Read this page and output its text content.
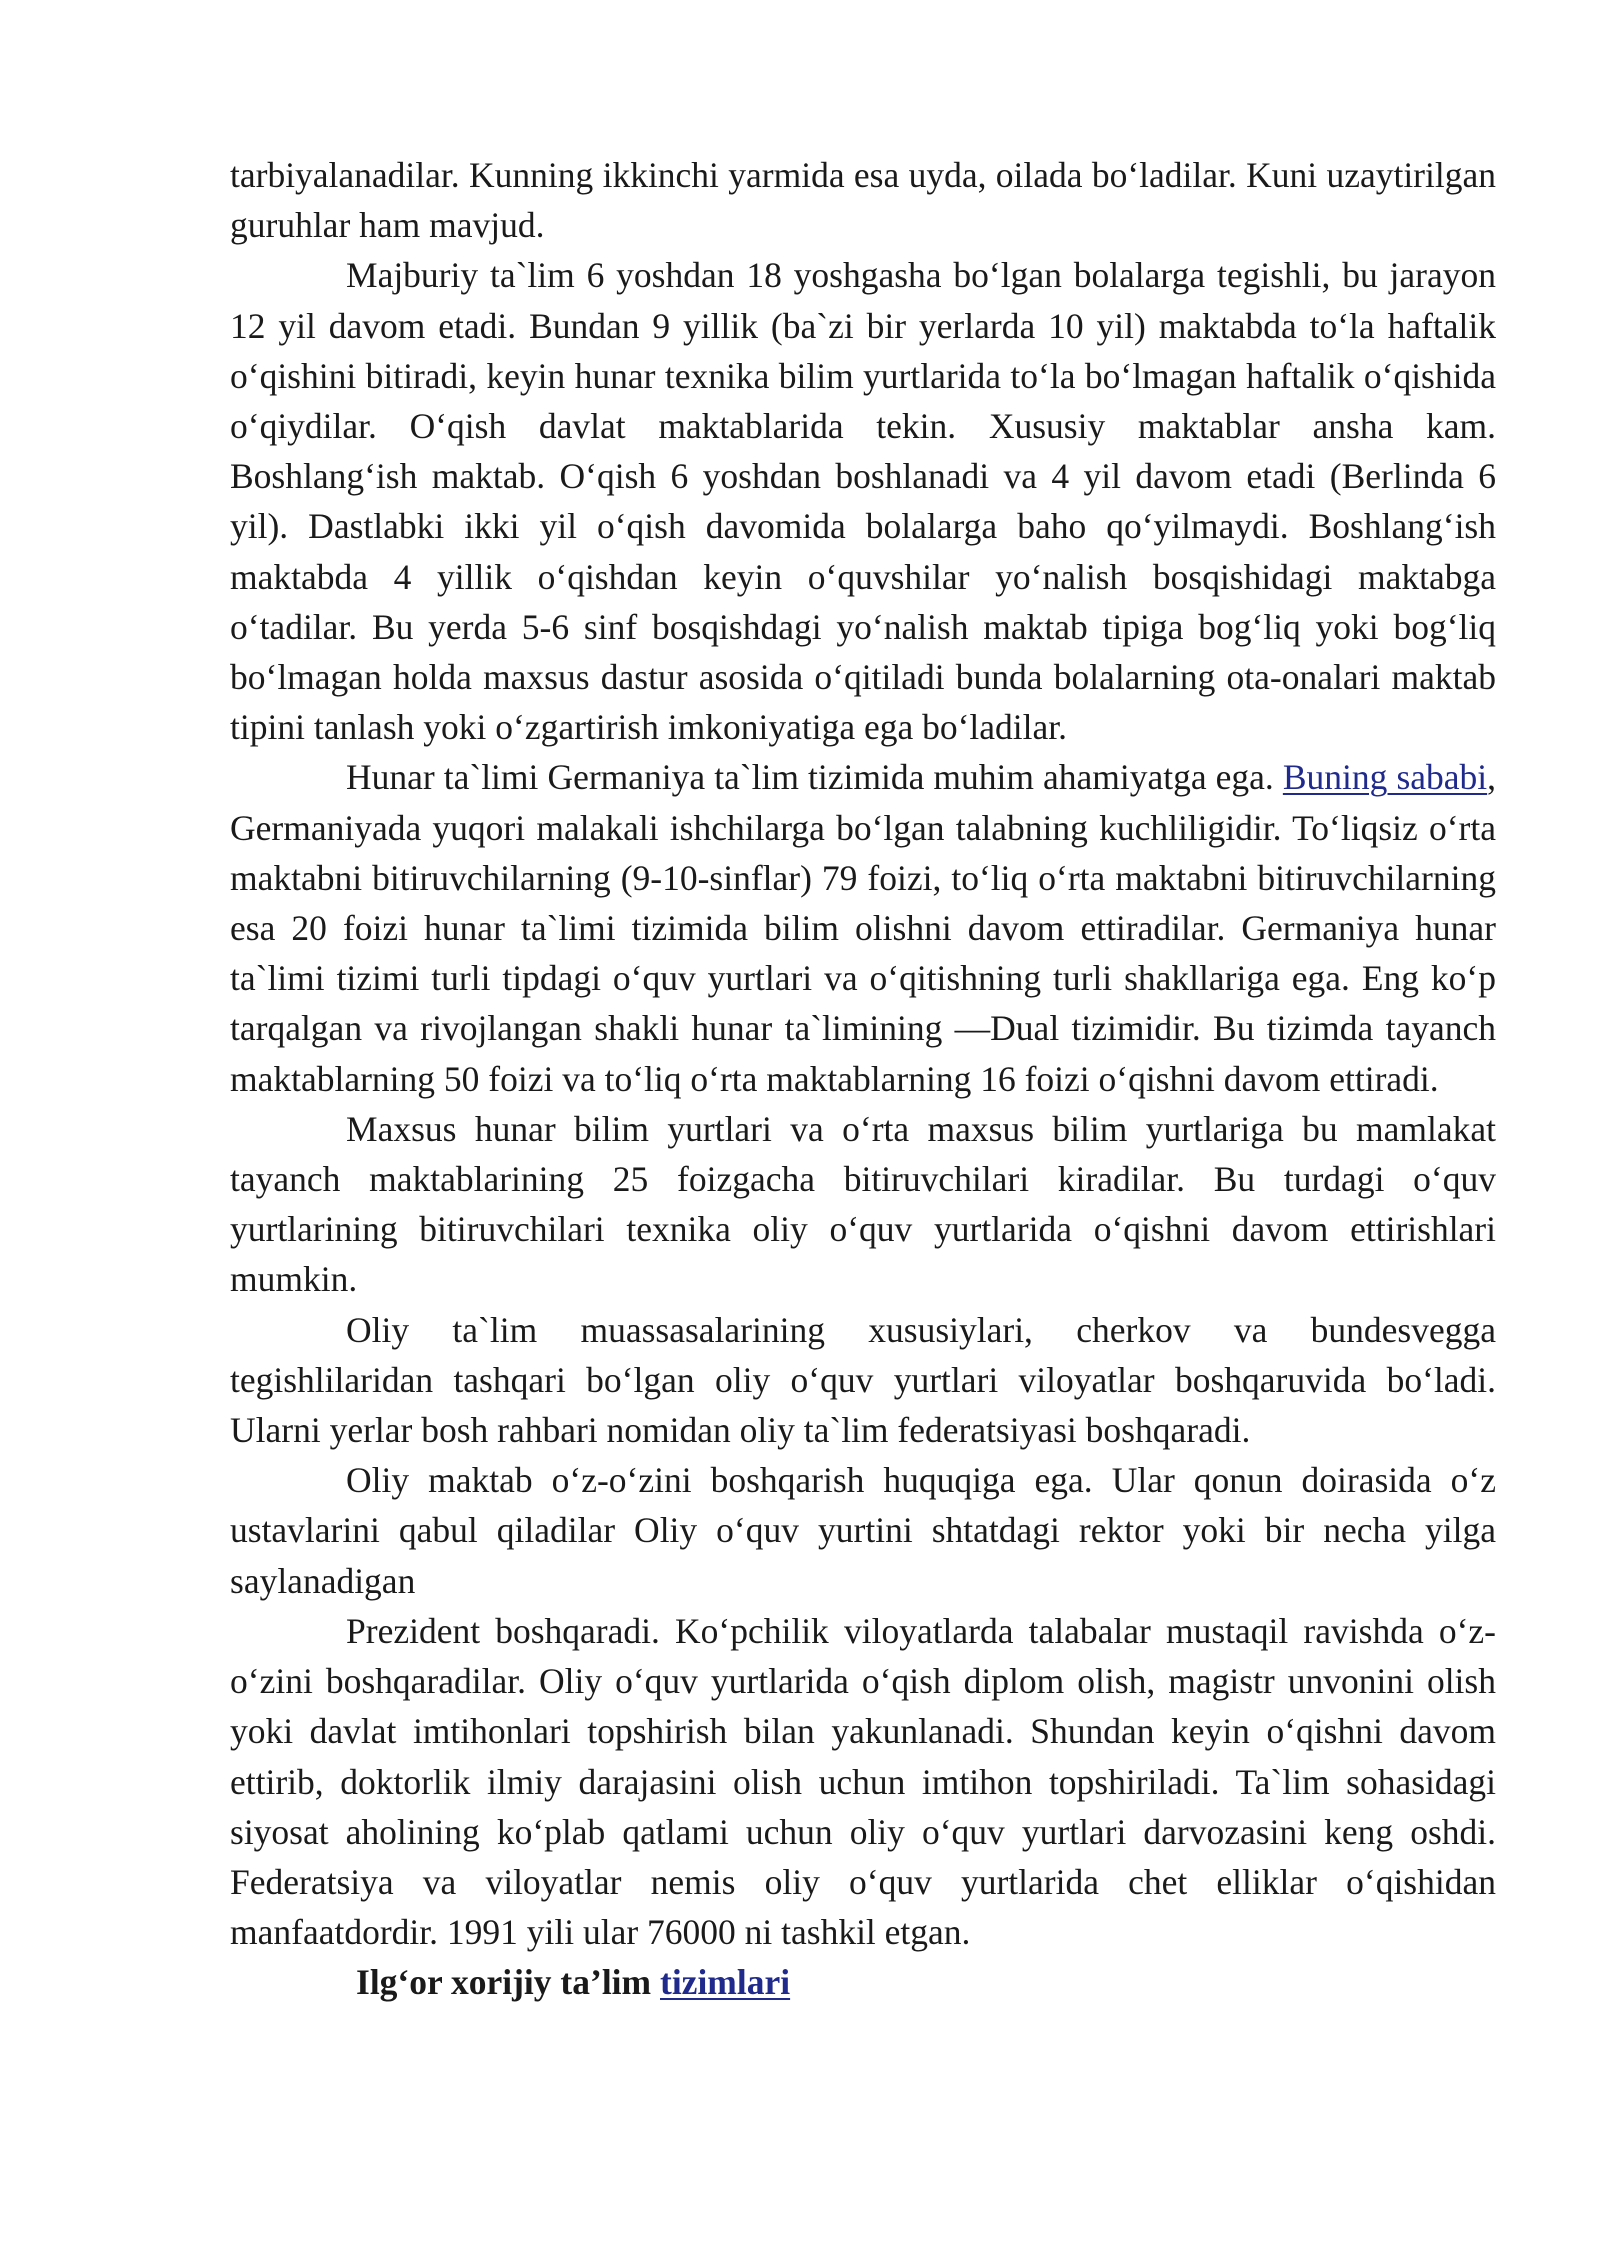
tarbiyalanadilar. Kunning ikkinchi yarmida esa uyda, oilada bo‘ladilar. Kuni uzaytirilgan guruhlar ham mavjud.

Majburiy ta`lim 6 yoshdan 18 yoshgasha bo‘lgan bolalarga tegishli, bu jarayon 12 yil davom etadi. Bundan 9 yillik (ba`zi bir yerlarda 10 yil) maktabda to‘la haftalik o‘qishini bitiradi, keyin hunar texnika bilim yurtlarida to‘la bo‘lmagan haftalik o‘qishida o‘qiydilar. O‘qish davlat maktablarida tekin. Xususiy maktablar ansha kam. Boshlang‘ish maktab. O‘qish 6 yoshdan boshlanadi va 4 yil davom etadi (Berlinda 6 yil). Dastlabki ikki yil o‘qish davomida bolalarga baho qo‘yilmaydi. Boshlang‘ish maktabda 4 yillik o‘qishdan keyin o‘quvshilar yo‘nalish bosqishidagi maktabga o‘tadilar. Bu yerda 5-6 sinf bosqishdagi yo‘nalish maktab tipiga bog‘liq yoki bog‘liq bo‘lmagan holda maxsus dastur asosida o‘qitiladi bunda bolalarning ota-onalari maktab tipini tanlash yoki o‘zgartirish imkoniyatiga ega bo‘ladilar.

Hunar ta`limi Germaniya ta`lim tizimida muhim ahamiyatga ega. Buning sababi, Germaniyada yuqori malakali ishchilarga bo‘lgan talabning kuchliligidir. To‘liqsiz o‘rta maktabni bitiruvchilarning (9-10-sinflar) 79 foizi, to‘liq o‘rta maktabni bitiruvchilarning esa 20 foizi hunar ta`limi tizimida bilim olishni davom ettiradilar. Germaniya hunar ta`limi tizimi turli tipdagi o‘quv yurtlari va o‘qitishning turli shakllariga ega. Eng ko‘p tarqalgan va rivojlangan shakli hunar ta`limining —Dual tizimidir. Bu tizimda tayanch maktablarning 50 foizi va to‘liq o‘rta maktablarning 16 foizi o‘qishni davom ettiradi.

Maxsus hunar bilim yurtlari va o‘rta maxsus bilim yurtlariga bu mamlakat tayanch maktablarining 25 foizgacha bitiruvchilari kiradilar. Bu turdagi o‘quv yurtlarining bitiruvchilari texnika oliy o‘quv yurtlarida o‘qishni davom ettirishlari mumkin.

Oliy ta`lim muassasalarining xususiylari, cherkov va bundesvegga tegishlilaridan tashqari bo‘lgan oliy o‘quv yurtlari viloyatlar boshqaruvida bo‘ladi. Ularni yerlar bosh rahbari nomidan oliy ta`lim federatsiyasi boshqaradi.

Oliy maktab o‘z-o‘zini boshqarish huquqiga ega. Ular qonun doirasida o‘z ustavlarini qabul qiladilar Oliy o‘quv yurtini shtatdagi rektor yoki bir necha yilga saylanadigan

Prezident boshqaradi. Ko‘pchilik viloyatlarda talabalar mustaqil ravishda o‘z-o‘zini boshqaradilar. Oliy o‘quv yurtlarida o‘qish diplom olish, magistr unvonini olish yoki davlat imtihonlari topshirish bilan yakunlanadi. Shundan keyin o‘qishni davom ettirib, doktorlik ilmiy darajasini olish uchun imtihon topshiriladi. Ta`lim sohasidagi siyosat aholining ko‘plab qatlami uchun oliy o‘quv yurtlari darvozasini keng oshdi. Federatsiya va viloyatlar nemis oliy o‘quv yurtlarida chet elliklar o‘qishidan manfaatdordir. 1991 yili ular 76000 ni tashkil etgan.

Ilg‘or xorijiy ta’lim tizimlari
